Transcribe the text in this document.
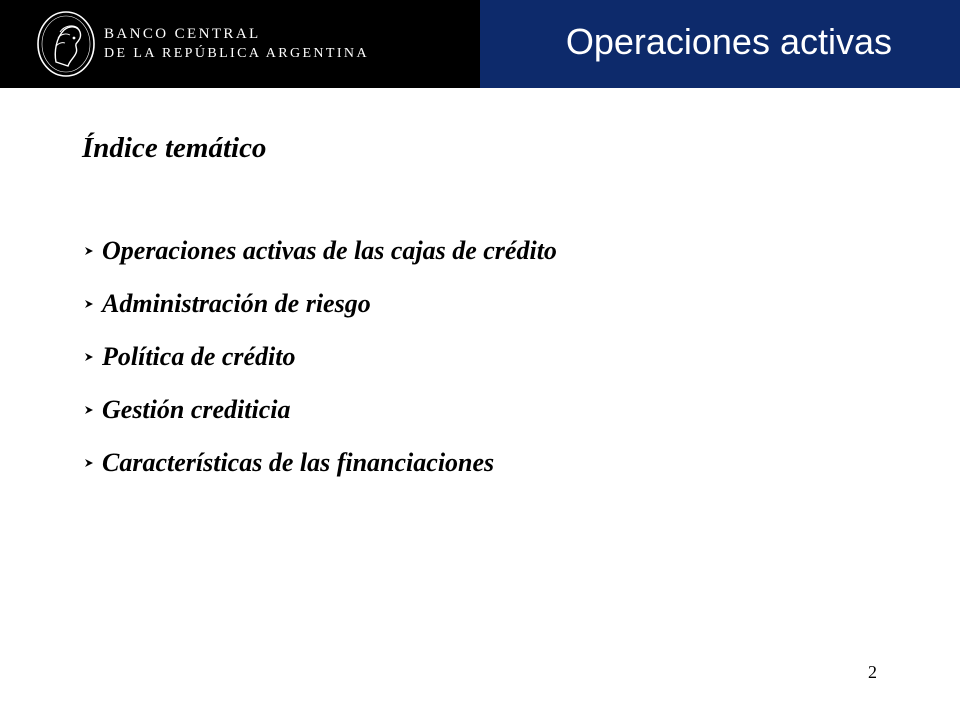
BANCO CENTRAL
DE LA REPÚBLICA ARGENTINA	Operaciones activas
Índice temático
Operaciones activas de las cajas de crédito
Administración de riesgo
Política de crédito
Gestión crediticia
Características de las financiaciones
2
